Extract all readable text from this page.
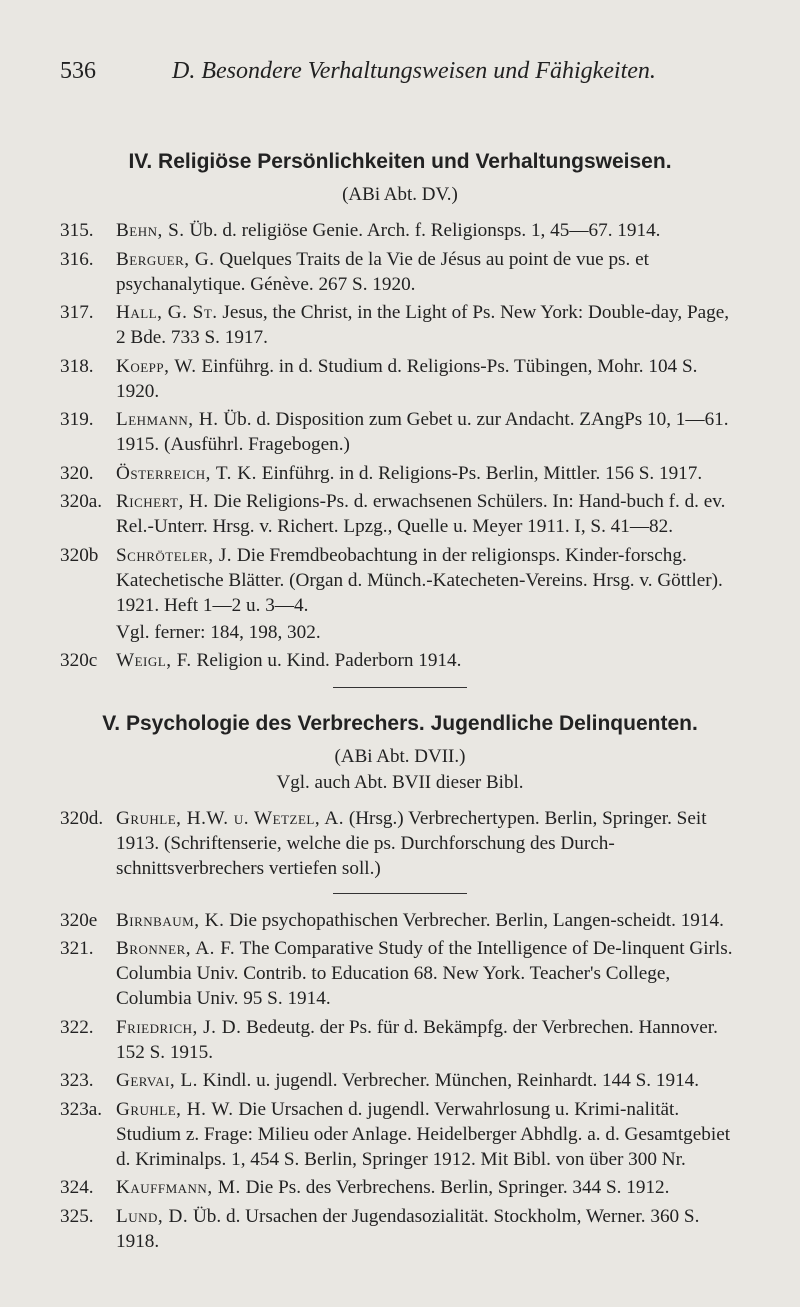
536	D. Besondere Verhaltungsweisen und Fähigkeiten.
IV. Religiöse Persönlichkeiten und Verhaltungsweisen.
(ABi Abt. DV.)
315. Behn, S. Üb. d. religiöse Genie. Arch. f. Religionsps. 1, 45—67. 1914.
316. Berguer, G. Quelques Traits de la Vie de Jésus au point de vue ps. et psychanalytique. Génève. 267 S. 1920.
317. Hall, G. St. Jesus, the Christ, in the Light of Ps. New York: Double-day, Page, 2 Bde. 733 S. 1917.
318. Koepp, W. Einführg. in d. Studium d. Religions-Ps. Tübingen, Mohr. 104 S. 1920.
319. Lehmann, H. Üb. d. Disposition zum Gebet u. zur Andacht. ZAngPs 10, 1—61. 1915. (Ausführl. Fragebogen.)
320. Österreich, T. K. Einführg. in d. Religions-Ps. Berlin, Mittler. 156 S. 1917.
320a. Richert, H. Die Religions-Ps. d. erwachsenen Schülers. In: Hand-buch f. d. ev. Rel.-Unterr. Hrsg. v. Richert. Lpzg., Quelle u. Meyer 1911. I, S. 41—82.
320b Schröteler, J. Die Fremdbeobachtung in der religionsps. Kinder-forschg. Katechetische Blätter. (Organ d. Münch.-Katecheten-Vereins. Hrsg. v. Göttler). 1921. Heft 1—2 u. 3—4.
Vgl. ferner: 184, 198, 302.
320c Weigl, F. Religion u. Kind. Paderborn 1914.
V. Psychologie des Verbrechers. Jugendliche Delinquenten.
(ABi Abt. DVII.)
Vgl. auch Abt. BVII dieser Bibl.
320d. Gruhle, H.W. u. Wetzel, A. (Hrsg.) Verbrechertypen. Berlin, Springer. Seit 1913. (Schriftenserie, welche die ps. Durchforschung des Durch-schnittsverbrechers vertiefen soll.)
320e Birnbaum, K. Die psychopathischen Verbrecher. Berlin, Langen-scheidt. 1914.
321. Bronner, A. F. The Comparative Study of the Intelligence of De-linquent Girls. Columbia Univ. Contrib. to Education 68. New York. Teacher's College, Columbia Univ. 95 S. 1914.
322. Friedrich, J. D. Bedeutg. der Ps. für d. Bekämpfg. der Verbrechen. Hannover. 152 S. 1915.
323. Gervai, L. Kindl. u. jugendl. Verbrecher. München, Reinhardt. 144 S. 1914.
323a. Gruhle, H. W. Die Ursachen d. jugendl. Verwahrlosung u. Krimi-nalität. Studium z. Frage: Milieu oder Anlage. Heidelberger Abhdlg. a. d. Gesamtgebiet d. Kriminalps. 1, 454 S. Berlin, Springer 1912. Mit Bibl. von über 300 Nr.
324. Kauffmann, M. Die Ps. des Verbrechens. Berlin, Springer. 344 S. 1912.
325. Lund, D. Üb. d. Ursachen der Jugendasozialität. Stockholm, Werner. 360 S. 1918.
